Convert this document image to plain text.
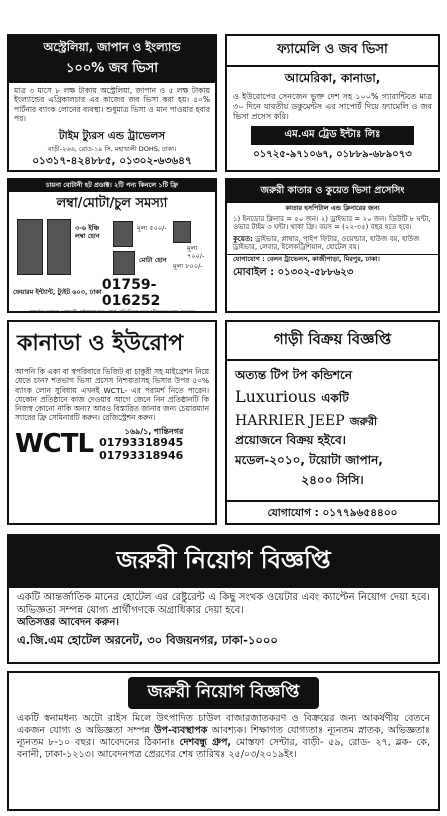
অস্ট্রেলিয়া, জাপান ও ইংল্যান্ড
১০০% জব ভিসা
মাত্র ৩ মাসে ৮ লক্ষ টাকায় অস্ট্রেলিয়া, জাপান ও ৫ লক্ষ টাকায় ইংল্যান্ডের এগ্রিকালচার এর কাজের জব ভিসা করা হয়। ৫০% পার্টনার ব্যাংক লোনের ব্যবস্থা। শুধুমাত্র ভিসা ও মান পাওয়ার হবার পর।
টাইম ট্যুরস এন্ড ট্রাভেলস
বাড়ী-২৬৬, রোড-১৯ সি, মহাখালী DOHS, ঢাকা।
০১৩১৭-৪২৪৮৮৫, ০১৩০২-৬৩৬৪৭
ফ্যামেলি ও জব ভিসা
আমেরিকা, কানাডা,
ও ইউরোপের সেনজেন ভুক্ত দেশ সহ ১০০% গ্যারান্টিতে মাত্র ৩০ দিনে যাবতীয় ডকুমেন্টস এর সাপোর্ট দিয়ে ফ্যামেলি ও জব ভিসা প্রসেস করি।
এম.এম ট্রেড ইন্টাঃ লিঃ
০১৭২৫-৯৭১০৬৭, ০১৮৮৯-৬৮৯০৭৩
চায়না বোটানী হট প্রডাক্ট। ২টি পন্য কিনলে ১টি ফ্রি
লম্বা/মোটা/চুল সমস্যা
৩-৬ ইঞ্চি লম্বা হোন
মূল্য ৫০০/-
মূল্য ৭০০/-
মোটা হোন
মূল্য ৮০০/-
ফেয়ারম ইন্ট্যান্ট, ট্যুইট ৬০৩, ঢাকা 01759-016252
পার্সেল যোগে প্রোডাক্ট পাঠানো হয়। পার্শ প্রতিক্রিয়া মুক্ত (বিফলে মূল্য ফেরত)
জরুরী কাতার ও কুয়েত ভিসা প্রসেসিং
কাতার হসপিটাল এন্ড ক্লিনারের জন্য
১) ইনডোর ক্লিনার = ৫০ জন। ২) ড্রাইভার = ২০ জন। ডিউটি ৮ ঘন্টা, ওভার টাইম ৩ ঘন্টা। থাকা ফ্রি। বয়স = (২২-৩৫) বছর হতে হবে।
কুয়েত: ড্রাইভার, প্লাম্বার, পাইপ ফিটার, ওয়েল্ডার, হাউজ বয়, হাউজ ড্রাইভার, লেবার, ইলেকট্রিশিয়ান, হোটেল বয়।
যোগাযোগ : বেলন ট্রাভেলস, কাজীপাড়া, মিরপুর, ঢাকা।
মোবাইল : ০১৩০২-৫৮৮৬২৩
কানাডা ও ইউরোপ
আপনি কি একা বা স্বপরিবারে ভিজিট বা চাকুরী সহ মাইগ্রেশন নিয়ে যেতে চান? শতভাগ ভিসা প্রসেস নিশ্চয়তাসহ ভিসার উপর ৫০% ব্যাংক লোন সুবিধায় এখনই WCTL- এর পরামর্শ নিতে পারেন। যেকোন প্রতিষ্ঠানে কাজ দেওয়ার আগে জেনে নিন প্রতিষ্ঠানটি কি নিজস্ব কোনো নাকি অন্য? আরও বিস্তারিত জানার জন্য চেয়ারম্যান স্যারের ফ্রি সেমিনারটি করুন। রেজিস্ট্রেশন করুন।
WCTL	১৬৯/১, শান্তিনগর
01793318945
01793318946
গাড়ী বিক্রয় বিজ্ঞপ্তি
অত্যন্ত টিপ টপ কন্ডিশনে
Luxurious একটি
HARRIER JEEP জরুরী
প্রয়োজনে বিক্রয় হইবে।
মডেল-২০১০, টয়োটা জাপান,
২৪০০ সিসি।
যোগাযোগ : ০১৭৭৯৬৫৪৪০০
জরুরী নিয়োগ বিজ্ঞপ্তি
একটি আন্তর্জাতিক মানের হোটেল এর রেষ্টুরেন্ট এ কিছু সংখক ওয়েটার এবং ক্যাপ্টেন নিয়োগ দেয়া হবে। অভিজ্ঞতা সম্পন্ন যোগ্য প্রার্থীগণকে অগ্রাধিকার দেয়া হবে।
অতিসত্তর আবেদন করুন।
এ.জি.এম হোটেল অরনেট, ৩০ বিজয়নগর, ঢাকা-১০০০
জরুরী নিয়োগ বিজ্ঞপ্তি
একটি স্বনামধন্য অটো রাইস মিলে উৎপাদিত চাউল বাজারজাতকরণ ও বিক্রয়ের জন্য আকর্ষণীয় বেতনে একজন যোগ্য ও অভিজ্ঞতা সম্পন্ন উপ-ব্যবস্থাপক আবশ্যক। শিক্ষাগত যোগ্যতাঃ ন্যূনতম স্নাতক, অভিজ্ঞতাঃ ন্যূনতম ৮-১০ বছর। আবেদনের ঠিকানাঃ দেশবন্ধু গ্রুপ, মোস্তফা সেন্টার, বাড়ী- ৫৯, রোড- ২৭, ব্লক- কে, বনানী, ঢাকা-১২১৩। আবেদনপত্র প্রেরণের শেষ তারিখঃ ২৫/০৩/২০১৯ইং।
